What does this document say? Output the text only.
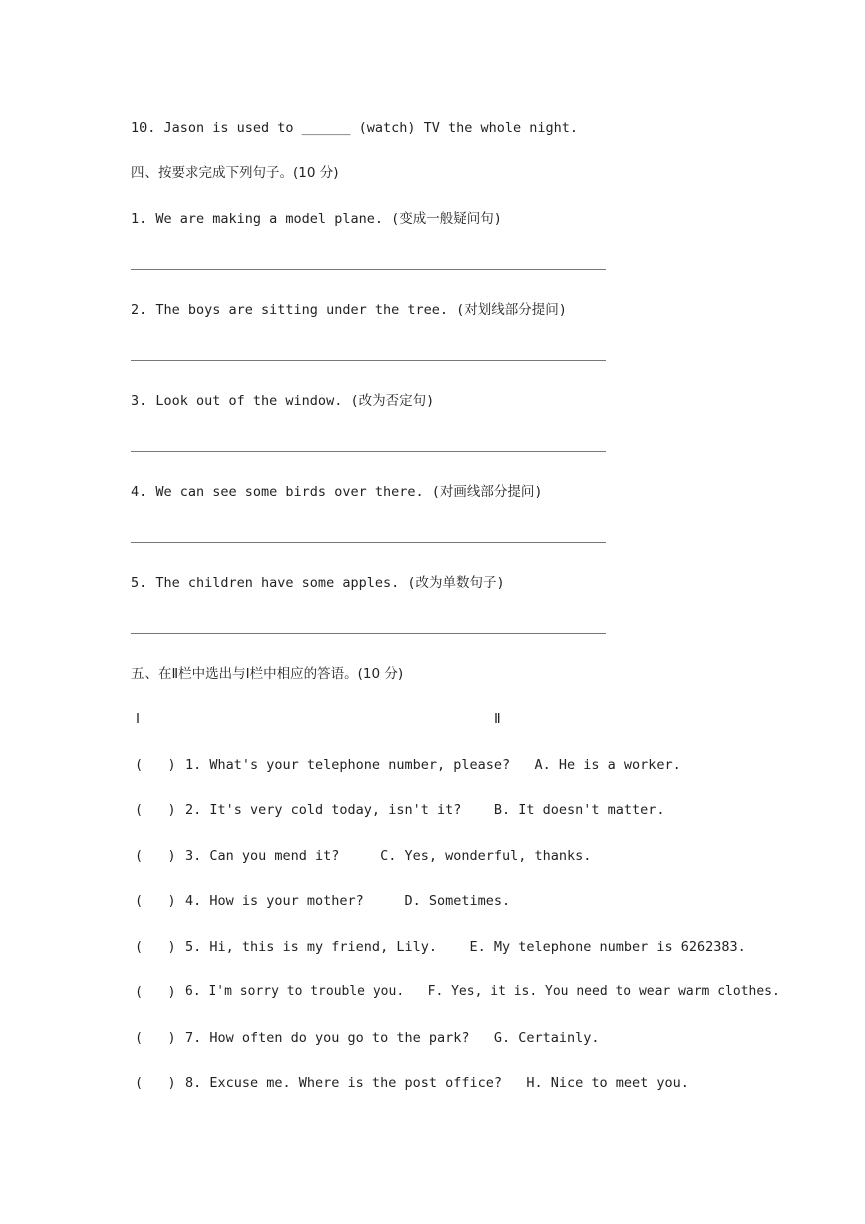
10. Jason is used to ______ (watch) TV the whole night.
四、按要求完成下列句子。(10 分)
1. We are making a model plane. (变成一般疑问句)
2. The boys are sitting under the tree. (对划线部分提问)
3. Look out of the window. (改为否定句)
4. We can see some birds over there. (对画线部分提问)
5. The children have some apples. (改为单数句子)
五、在Ⅱ栏中选出与Ⅰ栏中相应的答语。(10 分)
Ⅰ	Ⅱ
(   ) 1. What's your telephone number, please?   A. He is a worker.
(   ) 2. It's very cold today, isn't it?    B. It doesn't matter.
(   ) 3. Can you mend it?     C. Yes, wonderful, thanks.
(   ) 4. How is your mother?     D. Sometimes.
(   ) 5. Hi, this is my friend, Lily.    E. My telephone number is 6262383.
(   ) 6. I'm sorry to trouble you.   F. Yes, it is. You need to wear warm clothes.
(   ) 7. How often do you go to the park?   G. Certainly.
(   ) 8. Excuse me. Where is the post office?   H. Nice to meet you.
